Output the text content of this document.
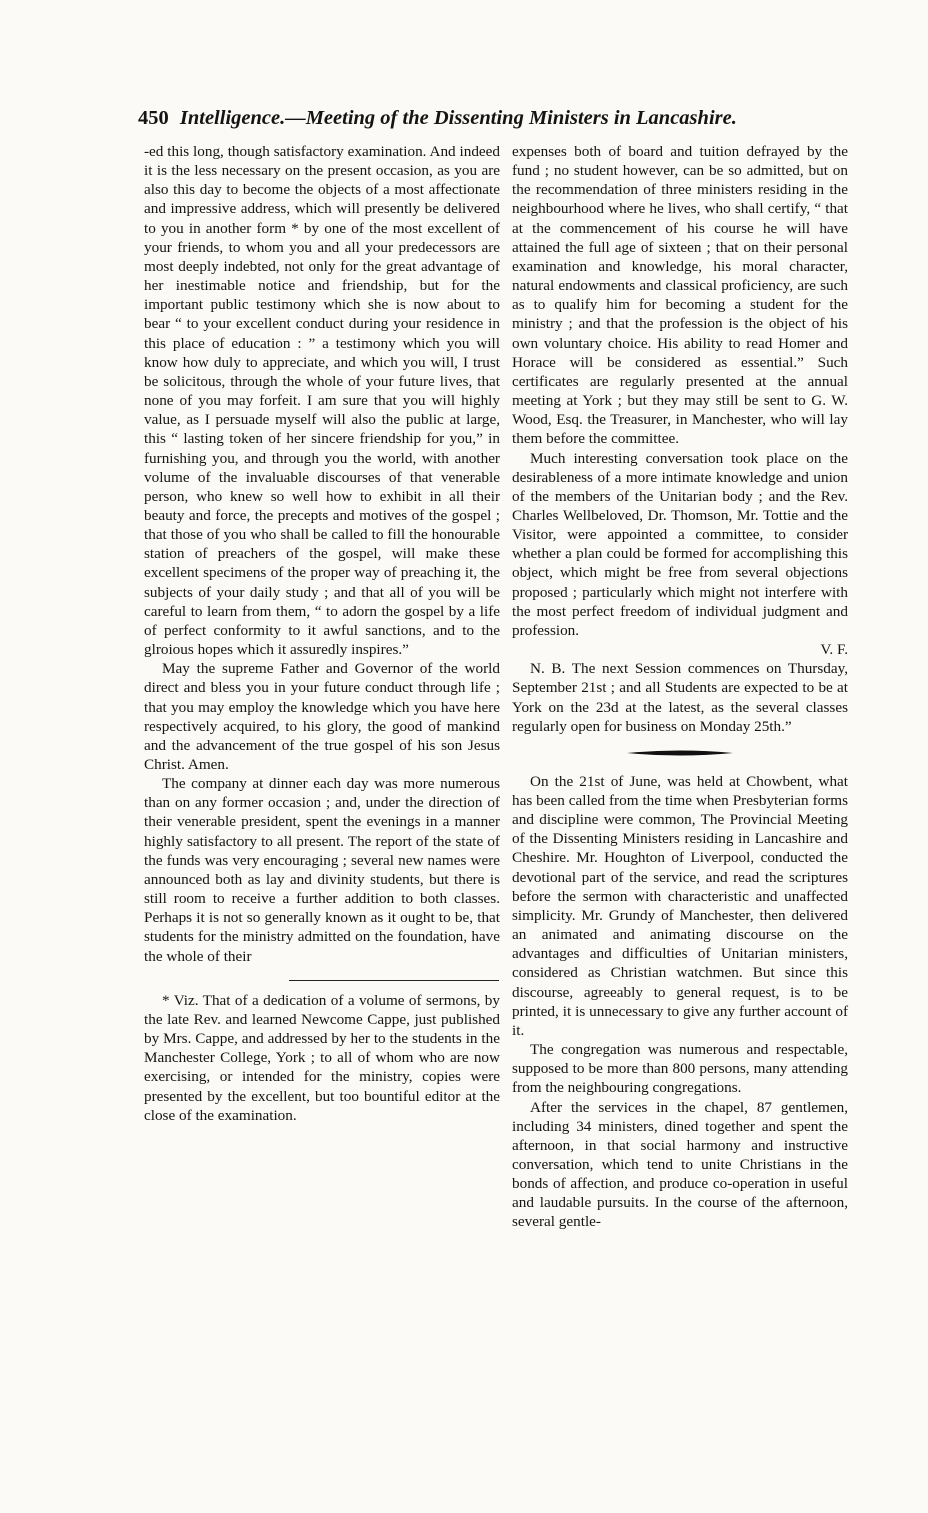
450 Intelligence.—Meeting of the Dissenting Ministers in Lancashire.

-ed this long, though satisfactory examination. And indeed it is the less necessary on the present occasion, as you are also this day to become the objects of a most affectionate and impressive address, which will presently be delivered to you in another form * by one of the most excellent of your friends, to whom you and all your predecessors are most deeply indebted, not only for the great advantage of her inestimable notice and friendship, but for the important public testimony which she is now about to bear “ to your excellent conduct during your residence in this place of education : ” a testimony which you will know how duly to appreciate, and which you will, I trust be solicitous, through the whole of your future lives, that none of you may forfeit. I am sure that you will highly value, as I persuade myself will also the public at large, this “ lasting token of her sincere friendship for you,” in furnishing you, and through you the world, with another volume of the invaluable discourses of that venerable person, who knew so well how to exhibit in all their beauty and force, the precepts and motives of the gospel ; that those of you who shall be called to fill the honourable station of preachers of the gospel, will make these excellent specimens of the proper way of preaching it, the subjects of your daily study ; and that all of you will be careful to learn from them, “ to adorn the gospel by a life of perfect conformity to it awful sanctions, and to the glroious hopes which it assuredly inspires.”

May the supreme Father and Governor of the world direct and bless you in your future conduct through life ; that you may employ the knowledge which you have here respectively acquired, to his glory, the good of mankind and the advancement of the true gospel of his son Jesus Christ. Amen.

The company at dinner each day was more numerous than on any former occasion ; and, under the direction of their venerable president, spent the evenings in a manner highly satisfactory to all present. The report of the state of the funds was very encouraging ; several new names were announced both as lay and divinity students, but there is still room to receive a further addition to both classes. Perhaps it is not so generally known as it ought to be, that students for the ministry admitted on the foundation, have the whole of their

* Viz. That of a dedication of a volume of sermons, by the late Rev. and learned Newcome Cappe, just published by Mrs. Cappe, and addressed by her to the students in the Manchester College, York ; to all of whom who are now exercising, or intended for the ministry, copies were presented by the excellent, but too bountiful editor at the close of the examination.

expenses both of board and tuition defrayed by the fund ; no student however, can be so admitted, but on the recommendation of three ministers residing in the neighbourhood where he lives, who shall certify, “ that at the commencement of his course he will have attained the full age of sixteen ; that on their personal examination and knowledge, his moral character, natural endowments and classical proficiency, are such as to qualify him for becoming a student for the ministry ; and that the profession is the object of his own voluntary choice. His ability to read Homer and Horace will be considered as essential.” Such certificates are regularly presented at the annual meeting at York ; but they may still be sent to G. W. Wood, Esq. the Treasurer, in Manchester, who will lay them before the committee.

Much interesting conversation took place on the desirableness of a more intimate knowledge and union of the members of the Unitarian body ; and the Rev. Charles Wellbeloved, Dr. Thomson, Mr. Tottie and the Visitor, were appointed a committee, to consider whether a plan could be formed for accomplishing this object, which might be free from several objections proposed ; particularly which might not interfere with the most perfect freedom of individual judgment and profession.

V. F.

N. B. The next Session commences on Thursday, September 21st ; and all Students are expected to be at York on the 23d at the latest, as the several classes regularly open for business on Monday 25th.”

On the 21st of June, was held at Chowbent, what has been called from the time when Presbyterian forms and discipline were common, The Provincial Meeting of the Dissenting Ministers residing in Lancashire and Cheshire. Mr. Houghton of Liverpool, conducted the devotional part of the service, and read the scriptures before the sermon with characteristic and unaffected simplicity. Mr. Grundy of Manchester, then delivered an animated and animating discourse on the advantages and difficulties of Unitarian ministers, considered as Christian watchmen. But since this discourse, agreeably to general request, is to be printed, it is unnecessary to give any further account of it.

The congregation was numerous and respectable, supposed to be more than 800 persons, many attending from the neighbouring congregations.

After the services in the chapel, 87 gentlemen, including 34 ministers, dined together and spent the afternoon, in that social harmony and instructive conversation, which tend to unite Christians in the bonds of affection, and produce co-operation in useful and laudable pursuits. In the course of the afternoon, several gentle-
